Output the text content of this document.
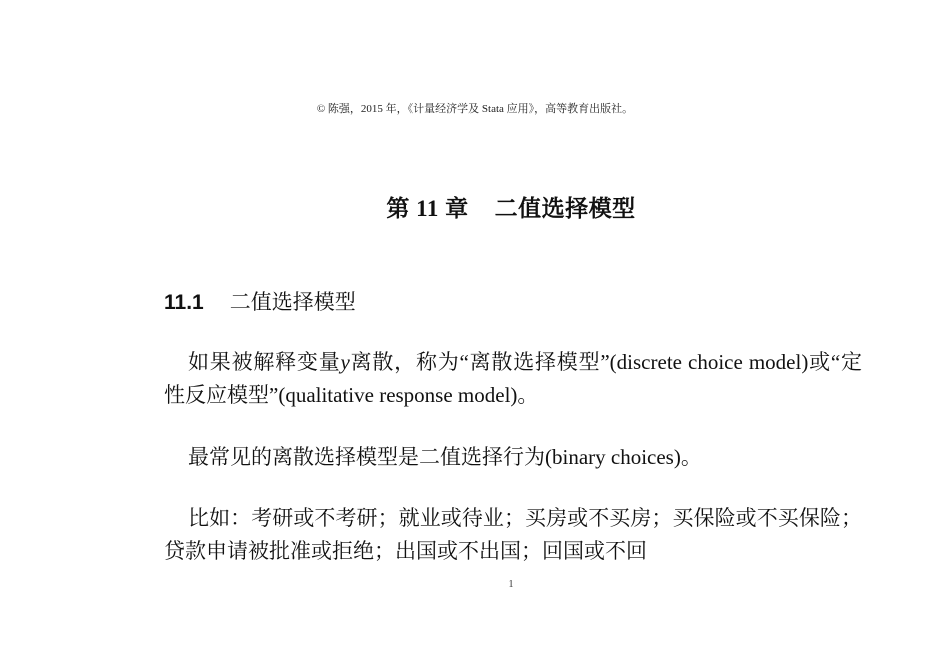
© 陈强，2015 年，《计量经济学及 Stata 应用》，高等教育出版社。
第 11 章 二值选择模型
11.1 二值选择模型

如果被解释变量y离散，称为“离散选择模型”(discrete choice model)或“定性反应模型”(qualitative response model)。

最常见的离散选择模型是二值选择行为(binary choices)。

比如：考研或不考研；就业或待业；买房或不买房；买保险或不买保险；贷款申请被批准或拒绝；出国或不出国；回国或不回

1
